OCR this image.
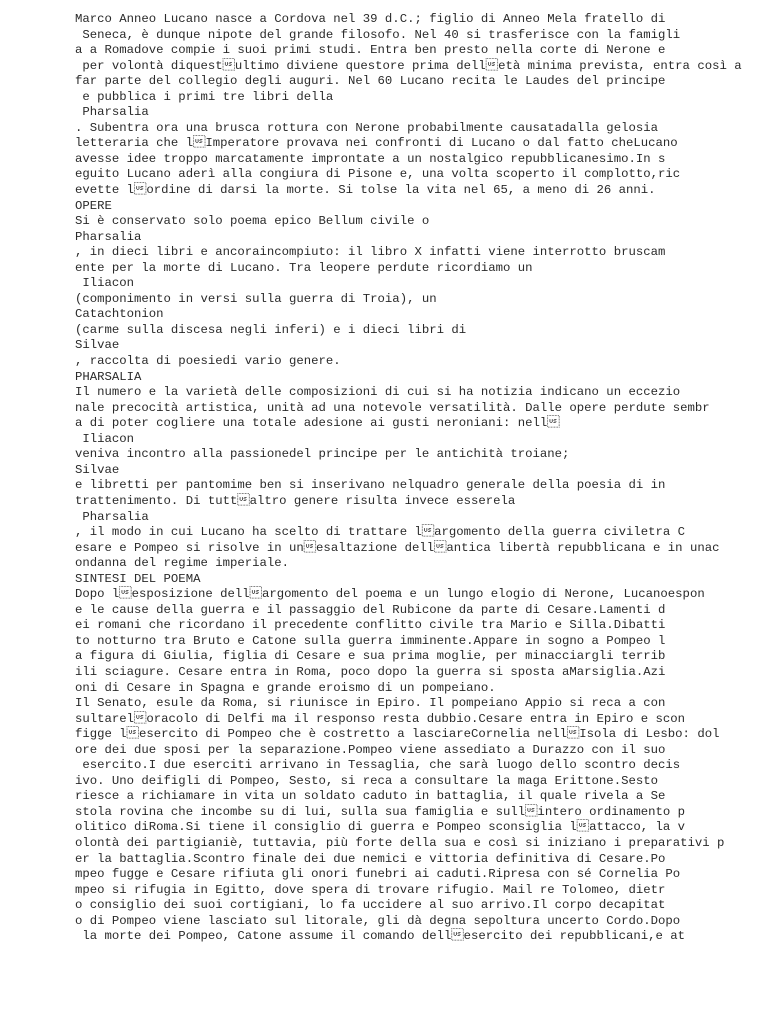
Marco Anneo Lucano nasce a Cordova nel 39 d.C.; figlio di Anneo Mela fratello di
Seneca, è dunque nipote del grande filosofo. Nel 40 si trasferisce con la famigli
a a Romadove compie i suoi primi studi. Entra ben presto nella corte di Nerone e
per volontà diquestultimo diviene questore prima delletà minima prevista, entra così a
far parte del collegio degli auguri. Nel 60 Lucano recita le Laudes del principe
e pubblica i primi tre libri della
Pharsalia
. Subentra ora una brusca rottura con Nerone probabilmente causatadalla gelosia
letteraria che lImperatore provava nei confronti di Lucano o dal fatto cheLucano
avesse idee troppo marcatamente improntate a un nostalgico repubblicanesimo.In s
eguito Lucano aderì alla congiura di Pisone e, una volta scoperto il complotto,ric
evette lordine di darsi la morte. Si tolse la vita nel 65, a meno di 26 anni.
OPERE
Si è conservato solo poema epico Bellum civile o
Pharsalia
, in dieci libri e ancoraincompiuto: il libro X infatti viene interrotto bruscam
ente per la morte di Lucano. Tra leopere perdute ricordiamo un
Iliacon
(componimento in versi sulla guerra di Troia), un
Catachtonion
(carme sulla discesa negli inferi) e i dieci libri di
Silvae
, raccolta di poesiedi vario genere.
PHARSALIA
Il numero e la varietà delle composizioni di cui si ha notizia indicano un eccezio
nale precocità artistica, unità ad una notevole versatilità. Dalle opere perdute sembr
a di poter cogliere una totale adesione ai gusti neroniani: nell
Iliacon
veniva incontro alla passionedel principe per le antichità troiane;
Silvae
e libretti per pantomime ben si inserivano nelquadro generale della poesia di in
trattenimento. Di tuttaltro genere risulta invece esserela
Pharsalia
, il modo in cui Lucano ha scelto di trattare largomento della guerra civiletra C
esare e Pompeo si risolve in unesaltazione dellantica libertà repubblicana e in unac
ondanna del regime imperiale.
SINTESI DEL POEMA
Dopo lesposizione dellargomento del poema e un lungo elogio di Nerone, Lucanoespon
e le cause della guerra e il passaggio del Rubicone da parte di Cesare.Lamenti d
ei romani che ricordano il precedente conflitto civile tra Mario e Silla.Dibatti
to notturno tra Bruto e Catone sulla guerra imminente.Appare in sogno a Pompeo l
a figura di Giulia, figlia di Cesare e sua prima moglie, per minacciargli terrib
ili sciagure. Cesare entra in Roma, poco dopo la guerra si sposta aMarsiglia.Azi
oni di Cesare in Spagna e grande eroismo di un pompeiano.
Il Senato, esule da Roma, si riunisce in Epiro. Il pompeiano Appio si reca a con
sultareloracolo di Delfi ma il responso resta dubbio.Cesare entra in Epiro e scon
figge lesercito di Pompeo che è costretto a lasciareCornelia nellIsola di Lesbo: dol
ore dei due sposi per la separazione.Pompeo viene assediato a Durazzo con il suo
esercito.I due eserciti arrivano in Tessaglia, che sarà luogo dello scontro decis
ivo. Uno deifigli di Pompeo, Sesto, si reca a consultare la maga Erittone.Sesto
riesce a richiamare in vita un soldato caduto in battaglia, il quale rivela a Se
stola rovina che incombe su di lui, sulla sua famiglia e sullintero ordinamento p
olitico diRoma.Si tiene il consiglio di guerra e Pompeo sconsiglia lattacco, la v
olontà dei partigianiè, tuttavia, più forte della sua e così si iniziano i preparativi p
er la battaglia.Scontro finale dei due nemici e vittoria definitiva di Cesare.Po
mpeo fugge e Cesare rifiuta gli onori funebri ai caduti.Ripresa con sé Cornelia Po
mpeo si rifugia in Egitto, dove spera di trovare rifugio. Mail re Tolomeo, dietr
o consiglio dei suoi cortigiani, lo fa uccidere al suo arrivo.Il corpo decapitat
o di Pompeo viene lasciato sul litorale, gli dà degna sepoltura uncerto Cordo.Dopo
la morte dei Pompeo, Catone assume il comando dellesercito dei repubblicani,e at
